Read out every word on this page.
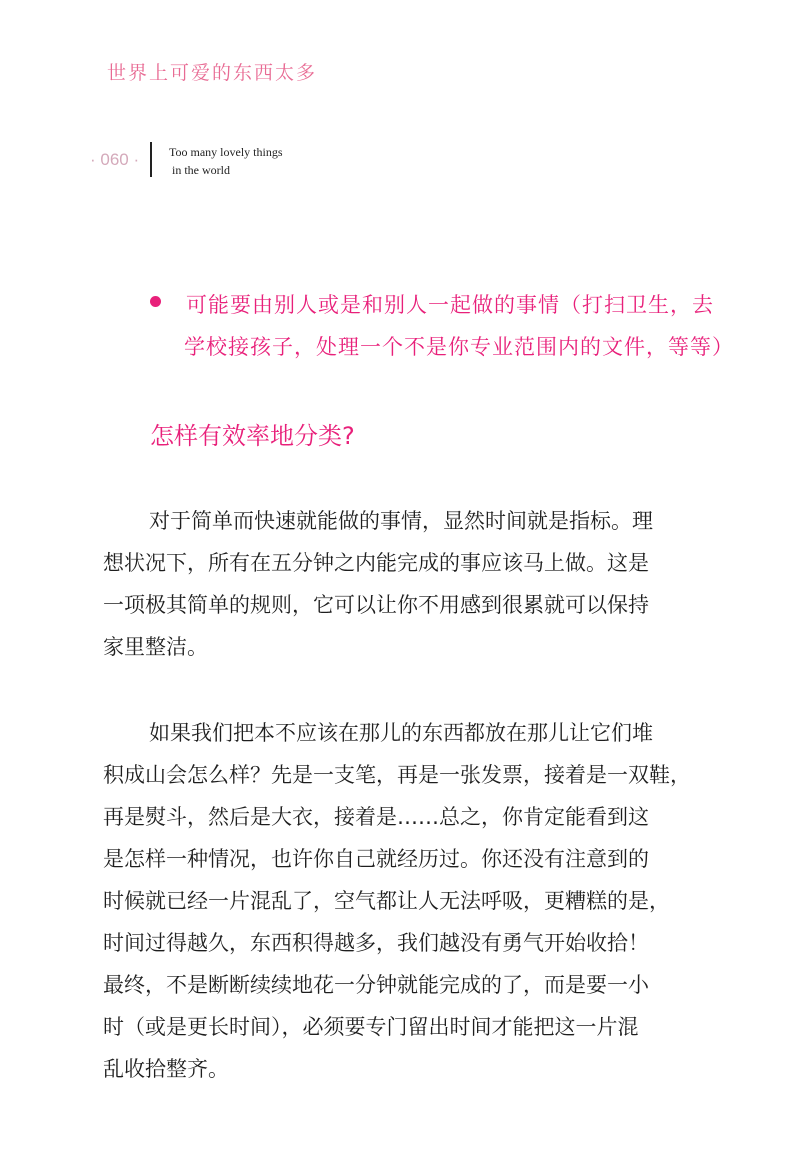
世界上可爱的东西太多
· 060 · Too many lovely things
in the world
可能要由别人或是和别人一起做的事情（打扫卫生，去
学校接孩子，处理一个不是你专业范围内的文件，等等）
怎样有效率地分类?
对于简单而快速就能做的事情，显然时间就是指标。理
想状况下，所有在五分钟之内能完成的事应该马上做。这是
一项极其简单的规则，它可以让你不用感到很累就可以保持
家里整洁。
如果我们把本不应该在那儿的东西都放在那儿让它们堆
积成山会怎么样？先是一支笔，再是一张发票，接着是一双鞋，
再是熨斗，然后是大衣，接着是……总之，你肯定能看到这
是怎样一种情况，也许你自己就经历过。你还没有注意到的
时候就已经一片混乱了，空气都让人无法呼吸，更糟糕的是，
时间过得越久，东西积得越多，我们越没有勇气开始收拾！
最终，不是断断续续地花一分钟就能完成的了，而是要一小
时（或是更长时间），必须要专门留出时间才能把这一片混
乱收拾整齐。
